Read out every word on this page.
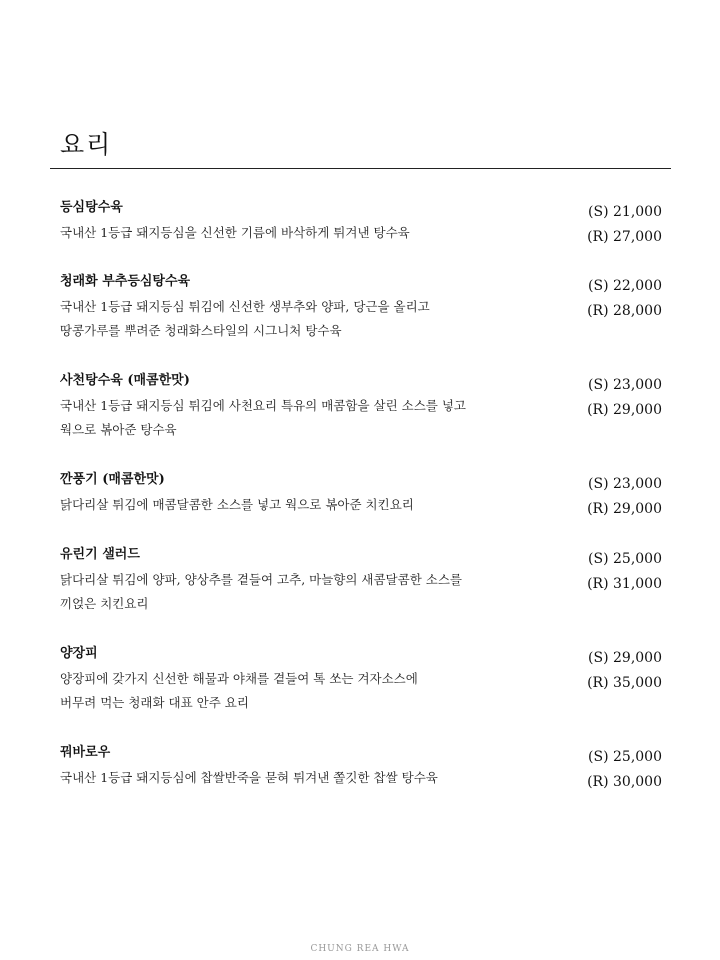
요리
등심탕수육
국내산 1등급 돼지등심을 신선한 기름에 바삭하게 튀겨낸 탕수육
(S) 21,000
(R) 27,000
청래화 부추등심탕수육
국내산 1등급 돼지등심 튀김에 신선한 생부추와 양파, 당근을 올리고
땅콩가루를 뿌려준 청래화스타일의 시그니처 탕수육
(S) 22,000
(R) 28,000
사천탕수육 (매콤한맛)
국내산 1등급 돼지등심 튀김에 사천요리 특유의 매콤함을 살린 소스를 넣고
웍으로 볶아준 탕수육
(S) 23,000
(R) 29,000
깐풍기 (매콤한맛)
닭다리살 튀김에 매콤달콤한 소스를 넣고 웍으로 볶아준 치킨요리
(S) 23,000
(R) 29,000
유린기 샐러드
닭다리살 튀김에 양파, 양상추를 곁들여 고추, 마늘향의 새콤달콤한 소스를
끼얹은 치킨요리
(S) 25,000
(R) 31,000
양장피
양장피에 갖가지 신선한 해물과 야채를 곁들여 톡 쏘는 겨자소스에
버무려 먹는 청래화 대표 안주 요리
(S) 29,000
(R) 35,000
꿔바로우
국내산 1등급 돼지등심에 찹쌀반죽을 묻혀 튀겨낸 쫄깃한 찹쌀 탕수육
(S) 25,000
(R) 30,000
CHUNG REA HWA
